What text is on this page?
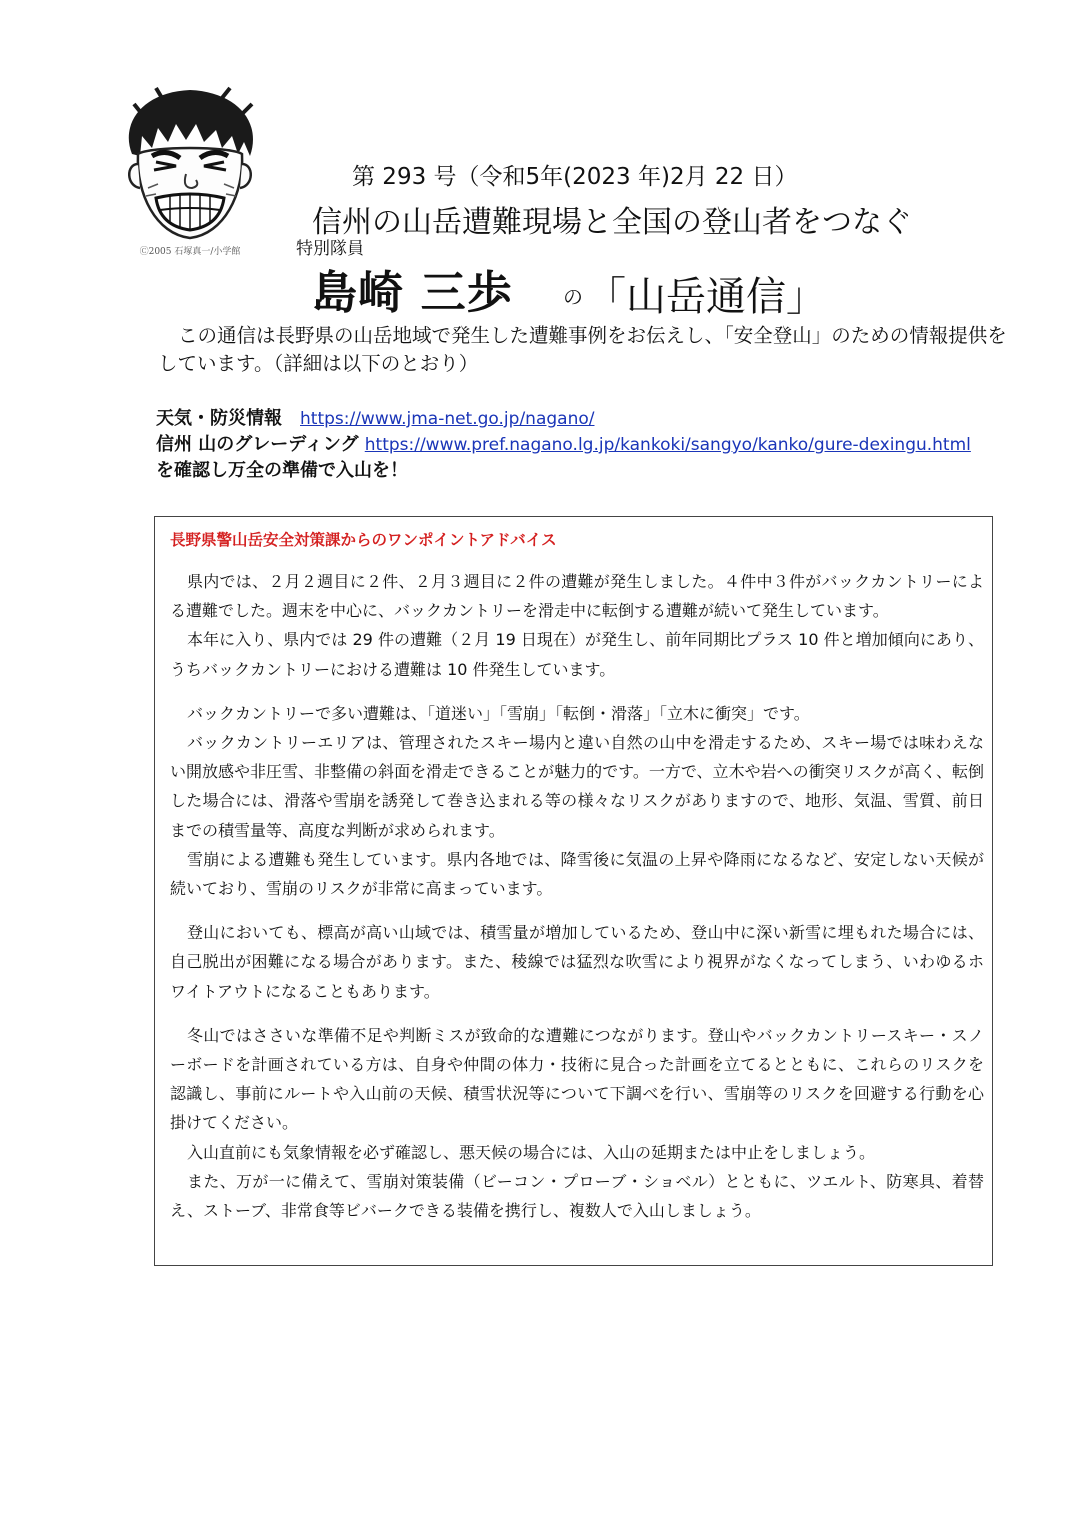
Ⓒ2005 石塚真一/小学館
第 293 号（令和5年(2023 年)2月 22 日）
信州の山岳遭難現場と全国の登山者をつなぐ
特別隊員
島崎 三歩	の 「山岳通信」
この通信は長野県の山岳地域で発生した遭難事例をお伝えし、「安全登山」のための情報提供をしています。（詳細は以下のとおり）
天気・防災情報 https://www.jma-net.go.jp/nagano/
信州 山のグレーディング https://www.pref.nagano.lg.jp/kankoki/sangyo/kanko/gure-dexingu.html
を確認し万全の準備で入山を！
長野県警山岳安全対策課からのワンポイントアドバイス

県内では、２月２週目に２件、２月３週目に２件の遭難が発生しました。４件中３件がバックカントリーによる遭難でした。週末を中心に、バックカントリーを滑走中に転倒する遭難が続いて発生しています。

本年に入り、県内では 29 件の遭難（２月 19 日現在）が発生し、前年同期比プラス 10 件と増加傾向にあり、うちバックカントリーにおける遭難は 10 件発生しています。

バックカントリーで多い遭難は、「道迷い」「雪崩」「転倒・滑落」「立木に衝突」です。

バックカントリーエリアは、管理されたスキー場内と違い自然の山中を滑走するため、スキー場では味わえない開放感や非圧雪、非整備の斜面を滑走できることが魅力的です。一方で、立木や岩への衝突リスクが高く、転倒した場合には、滑落や雪崩を誘発して巻き込まれる等の様々なリスクがありますので、地形、気温、雪質、前日までの積雪量等、高度な判断が求められます。

雪崩による遭難も発生しています。県内各地では、降雪後に気温の上昇や降雨になるなど、安定しない天候が続いており、雪崩のリスクが非常に高まっています。

登山においても、標高が高い山域では、積雪量が増加しているため、登山中に深い新雪に埋もれた場合には、自己脱出が困難になる場合があります。また、稜線では猛烈な吹雪により視界がなくなってしまう、いわゆるホワイトアウトになることもあります。

冬山ではささいな準備不足や判断ミスが致命的な遭難につながります。登山やバックカントリースキー・スノーボードを計画されている方は、自身や仲間の体力・技術に見合った計画を立てるとともに、これらのリスクを認識し、事前にルートや入山前の天候、積雪状況等について下調べを行い、雪崩等のリスクを回避する行動を心掛けてください。

入山直前にも気象情報を必ず確認し、悪天候の場合には、入山の延期または中止をしましょう。

また、万が一に備えて、雪崩対策装備（ビーコン・プローブ・ショベル）とともに、ツエルト、防寒具、着替え、ストーブ、非常食等ビバークできる装備を携行し、複数人で入山しましょう。
